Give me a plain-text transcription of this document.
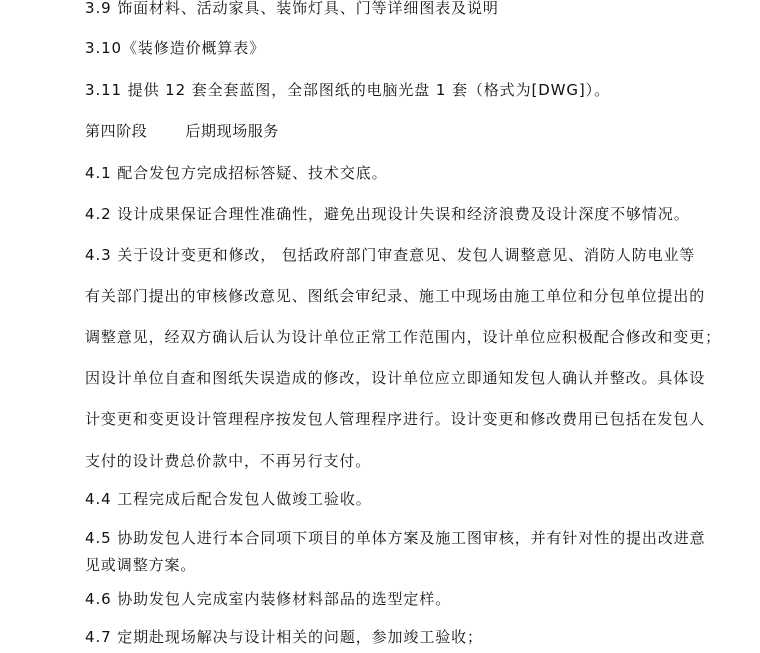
3.9 饰面材料、活动家具、装饰灯具、门等详细图表及说明
3.10《装修造价概算表》
3.11 提供 12 套全套蓝图，全部图纸的电脑光盘 1 套（格式为[DWG]）。
第四阶段	后期现场服务
4.1 配合发包方完成招标答疑、技术交底。
4.2 设计成果保证合理性准确性，避免出现设计失误和经济浪费及设计深度不够情况。
4.3 关于设计变更和修改， 包括政府部门审查意见、发包人调整意见、消防人防电业等
有关部门提出的审核修改意见、图纸会审纪录、施工中现场由施工单位和分包单位提出的
调整意见，经双方确认后认为设计单位正常工作范围内，设计单位应积极配合修改和变更；
因设计单位自查和图纸失误造成的修改，设计单位应立即通知发包人确认并整改。具体设
计变更和变更设计管理程序按发包人管理程序进行。设计变更和修改费用已包括在发包人
支付的设计费总价款中，不再另行支付。
4.4 工程完成后配合发包人做竣工验收。
4.5 协助发包人进行本合同项下项目的单体方案及施工图审核，并有针对性的提出改进意
见或调整方案。
4.6 协助发包人完成室内装修材料部品的选型定样。
4.7 定期赴现场解决与设计相关的问题，参加竣工验收；
